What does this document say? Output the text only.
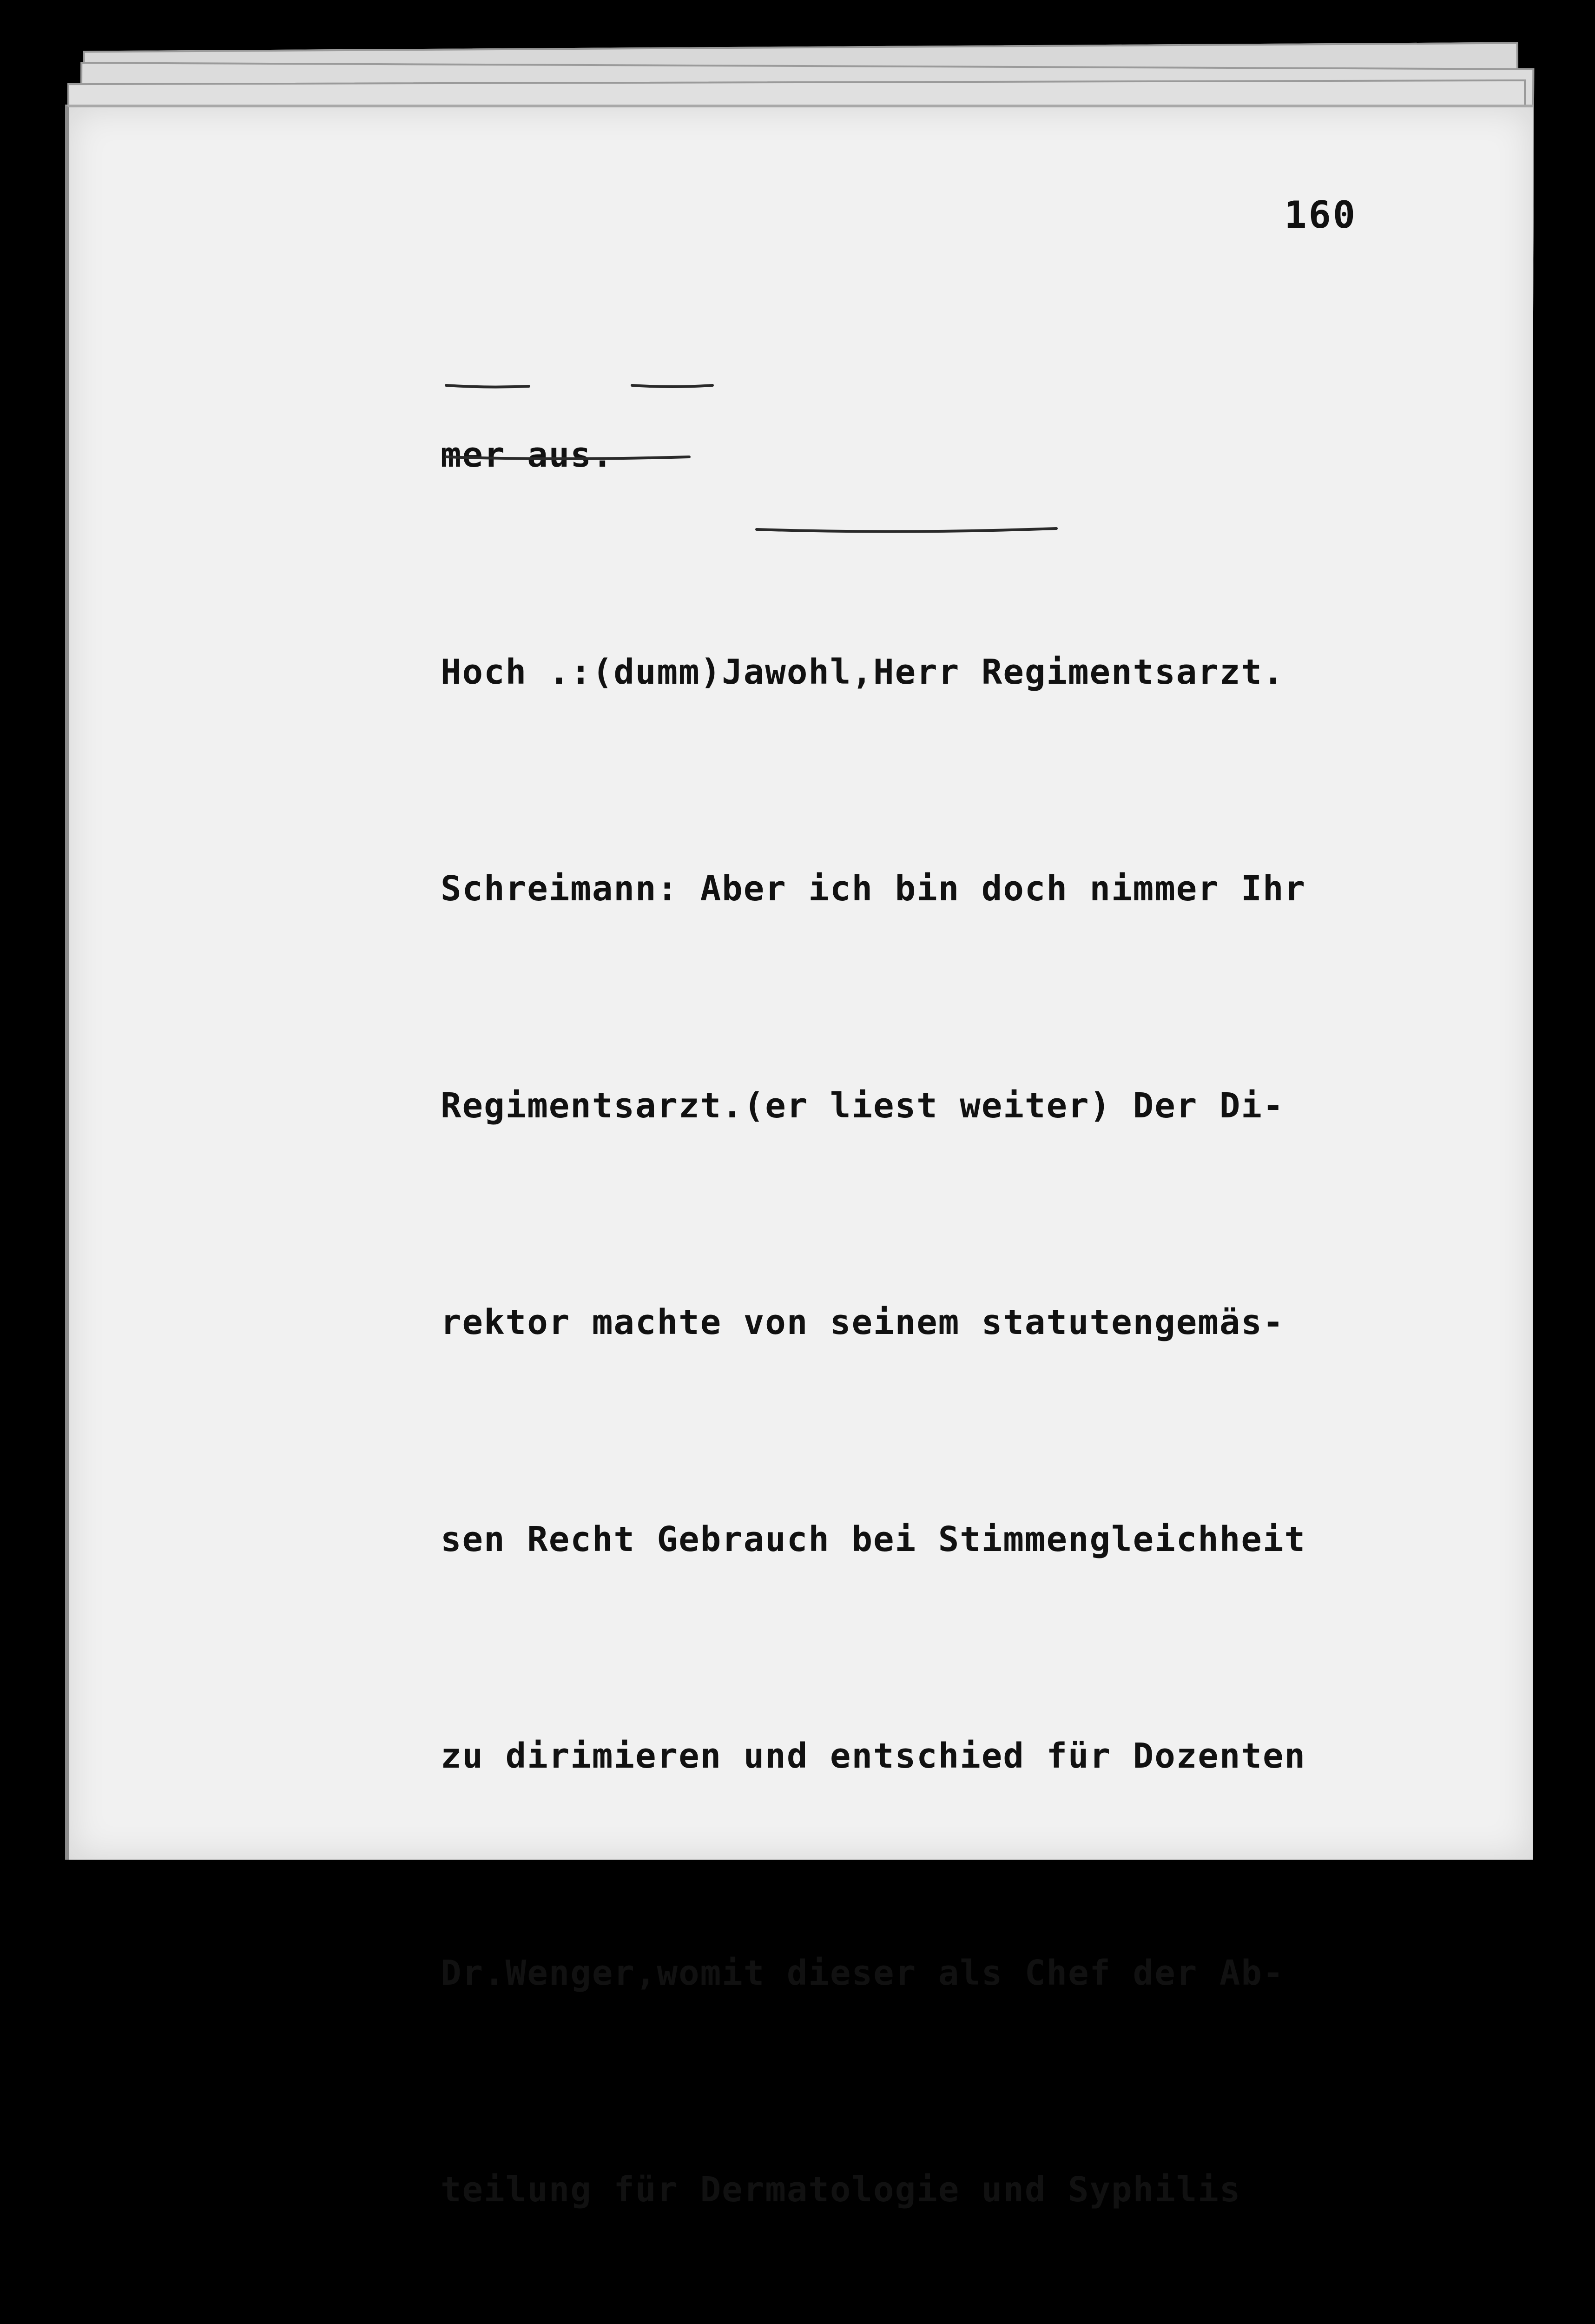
160

mer aus.

Hoch .:(dumm)Jawohl,Herr Regimentsarzt.

Schreimann: Aber ich bin doch nimmer Ihr

Regimentsarzt.(er liest weiter) Der Di-

rektor machte von seinem statutengemäs-

sen Recht Gebrauch bei Stimmengleichheit

zu dirimieren und entschied für Dozenten

Dr.Wenger,womit dieser als Chef der Ab-

teilung für Dermatologie und Syphilis
